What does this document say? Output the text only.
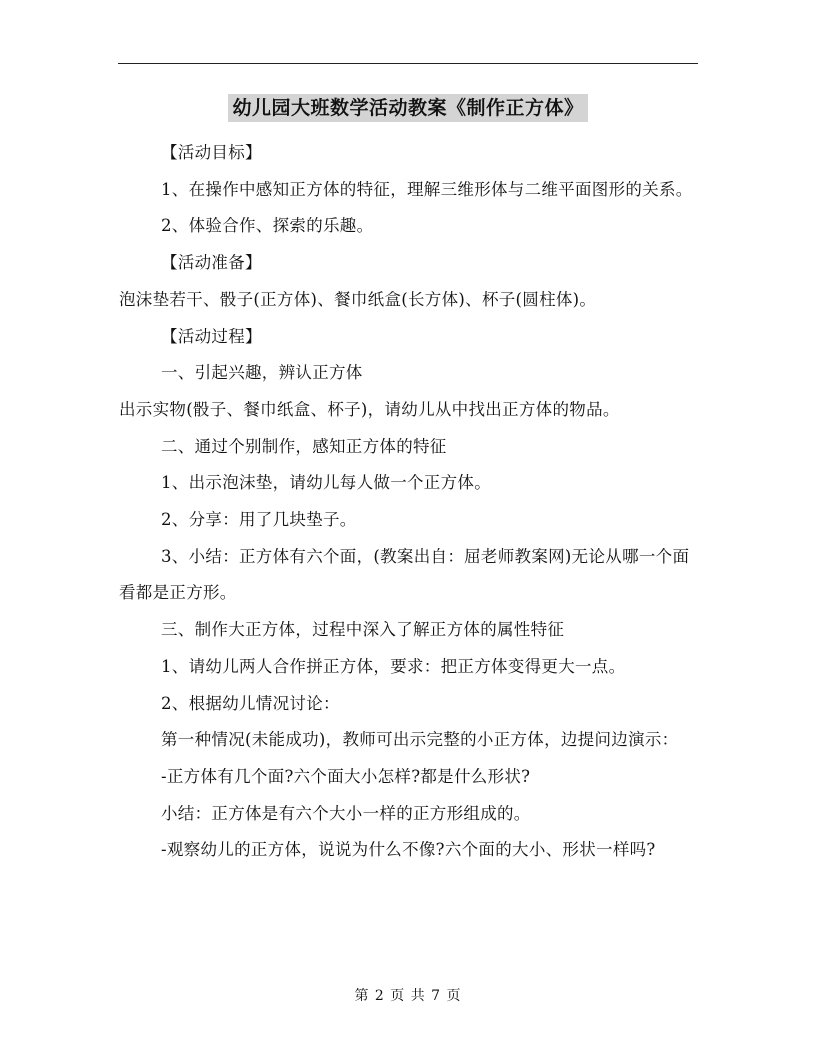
幼儿园大班数学活动教案《制作正方体》

【活动目标】

1、在操作中感知正方体的特征，理解三维形体与二维平面图形的关系。

2、体验合作、探索的乐趣。

【活动准备】

泡沫垫若干、骰子(正方体)、餐巾纸盒(长方体)、杯子(圆柱体)。

【活动过程】

一、引起兴趣，辨认正方体

出示实物(骰子、餐巾纸盒、杯子)，请幼儿从中找出正方体的物品。

二、通过个别制作，感知正方体的特征

1、出示泡沫垫，请幼儿每人做一个正方体。

2、分享：用了几块垫子。

3、小结：正方体有六个面，(教案出自：屈老师教案网)无论从哪一个面看都是正方形。

三、制作大正方体，过程中深入了解正方体的属性特征

1、请幼儿两人合作拼正方体，要求：把正方体变得更大一点。

2、根据幼儿情况讨论：

第一种情况(未能成功)，教师可出示完整的小正方体，边提问边演示：

-正方体有几个面?六个面大小怎样?都是什么形状?

小结：正方体是有六个大小一样的正方形组成的。

-观察幼儿的正方体，说说为什么不像?六个面的大小、形状一样吗?

第 2 页 共 7 页
